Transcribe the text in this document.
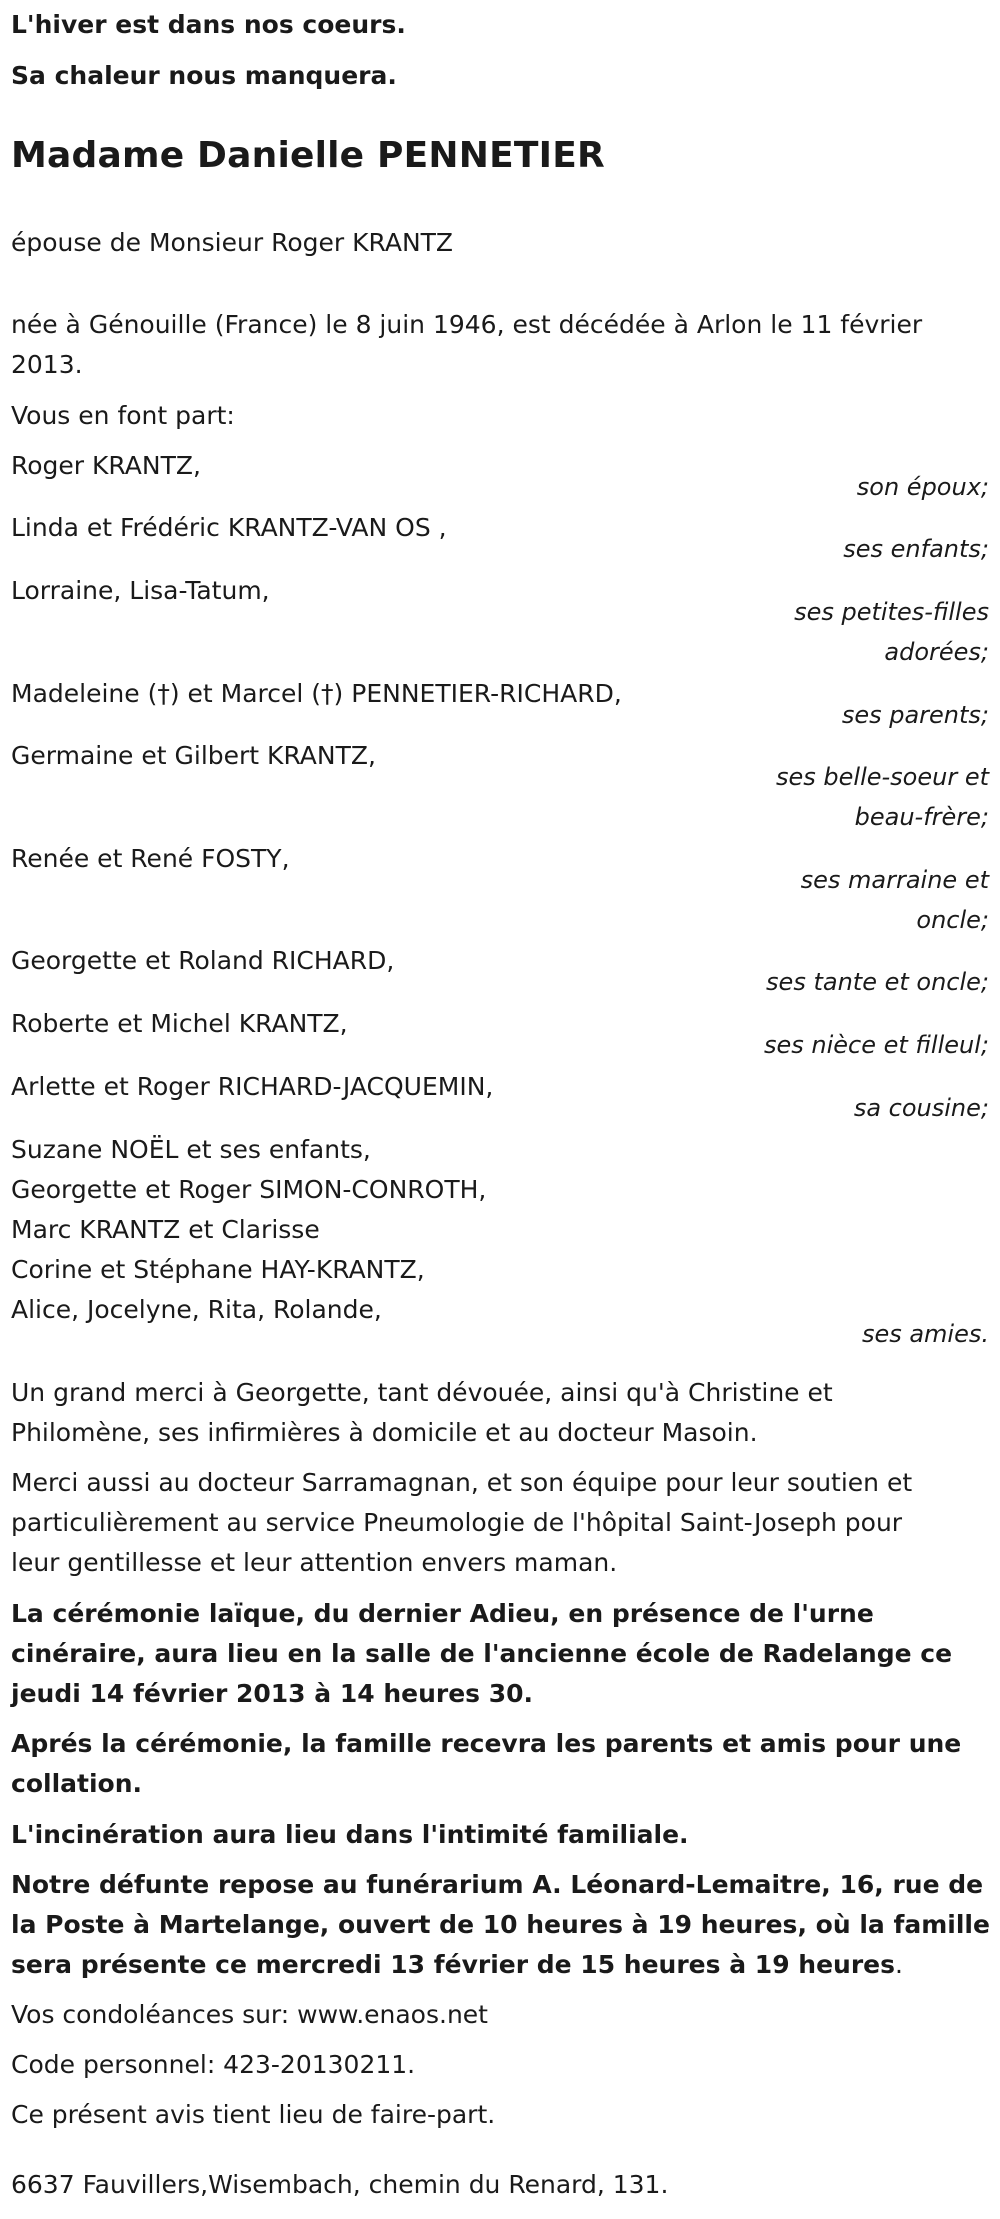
L'hiver est dans nos coeurs.

Sa chaleur nous manquera.

Madame Danielle PENNETIER

épouse de Monsieur Roger KRANTZ

née à Génouille (France) le 8 juin 1946, est décédée à Arlon le 11 février

2013.

Vous en font part:

Roger KRANTZ,

son époux;

Linda et Frédéric KRANTZ-VAN OS ,

ses enfants;

Lorraine, Lisa-Tatum,

ses petites-filles
adorées;

Madeleine (†) et Marcel (†) PENNETIER-RICHARD,

ses parents;

Germaine et Gilbert KRANTZ,

ses belle-soeur et
beau-frère;

Renée et René FOSTY,

ses marraine et
oncle;

Georgette et Roland RICHARD,

ses tante et oncle;

Roberte et Michel KRANTZ,

ses nièce et filleul;

Arlette et Roger RICHARD-JACQUEMIN,

sa cousine;

Suzane NOËL et ses enfants,

Georgette et Roger SIMON-CONROTH,

Marc KRANTZ et Clarisse

Corine et Stéphane HAY-KRANTZ,

Alice, Jocelyne, Rita, Rolande,

ses amies.

Un grand merci à Georgette, tant dévouée, ainsi qu'à Christine et

Philomène, ses infirmières à domicile et au docteur Masoin.

Merci aussi au docteur Sarramagnan, et son équipe pour leur soutien et

particulièrement au service Pneumologie de l'hôpital Saint-Joseph pour

leur gentillesse et leur attention envers maman.

La cérémonie laïque, du dernier Adieu, en présence de l'urne

cinéraire, aura lieu en la salle de l'ancienne école de Radelange ce

jeudi 14 février 2013 à 14 heures 30.

Aprés la cérémonie, la famille recevra les parents et amis pour une

collation.

L'incinération aura lieu dans l'intimité familiale.

Notre défunte repose au funérarium A. Léonard-Lemaitre, 16, rue de

la Poste à Martelange, ouvert de 10 heures à 19 heures, où la famille

sera présente ce mercredi 13 février de 15 heures à 19 heures.

Vos condoléances sur: www.enaos.net

Code personnel: 423-20130211.

Ce présent avis tient lieu de faire-part.

6637 Fauvillers,Wisembach, chemin du Renard, 131.
